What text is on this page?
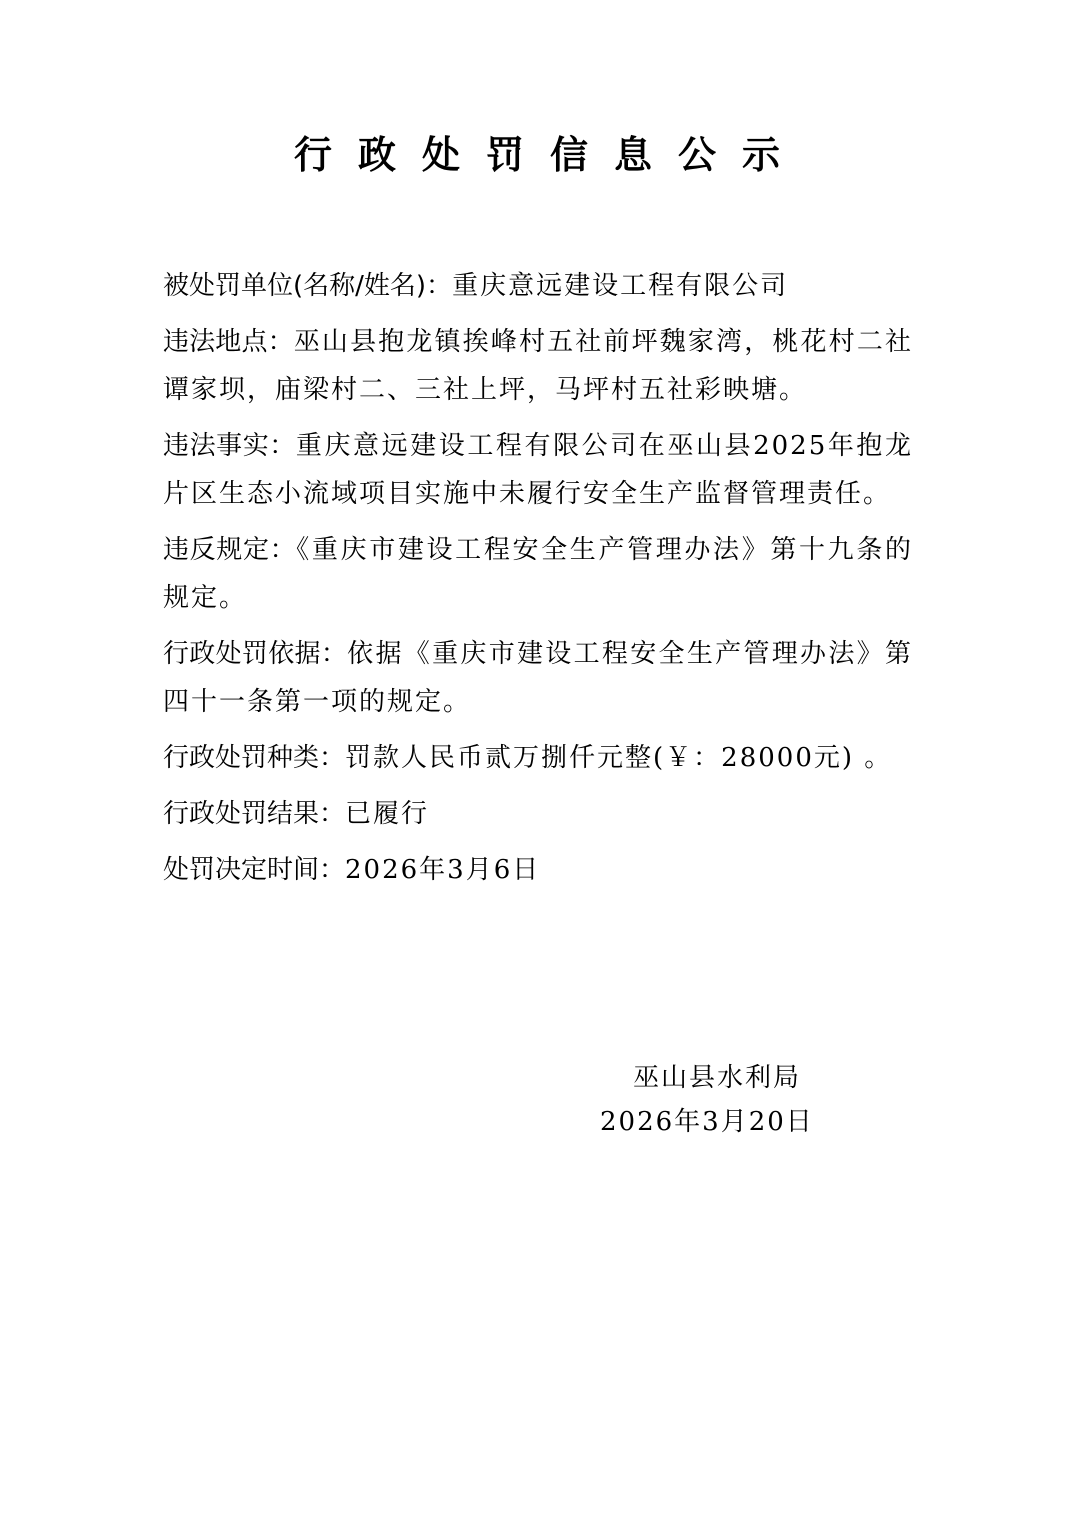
行政处罚信息公示

被处罚单位(名称/姓名)：重庆意远建设工程有限公司

违法地点：巫山县抱龙镇挨峰村五社前坪魏家湾，桃花村二社谭家坝，庙梁村二、三社上坪，马坪村五社彩映塘。

违法事实：重庆意远建设工程有限公司在巫山县2025年抱龙片区生态小流域项目实施中未履行安全生产监督管理责任。

违反规定：《重庆市建设工程安全生产管理办法》第十九条的规定。

行政处罚依据：依据《重庆市建设工程安全生产管理办法》第四十一条第一项的规定。

行政处罚种类：罚款人民币贰万捌仟元整(￥：28000元) 。

行政处罚结果：已履行

处罚决定时间：2026年3月6日

巫山县水利局
2026年3月20日
